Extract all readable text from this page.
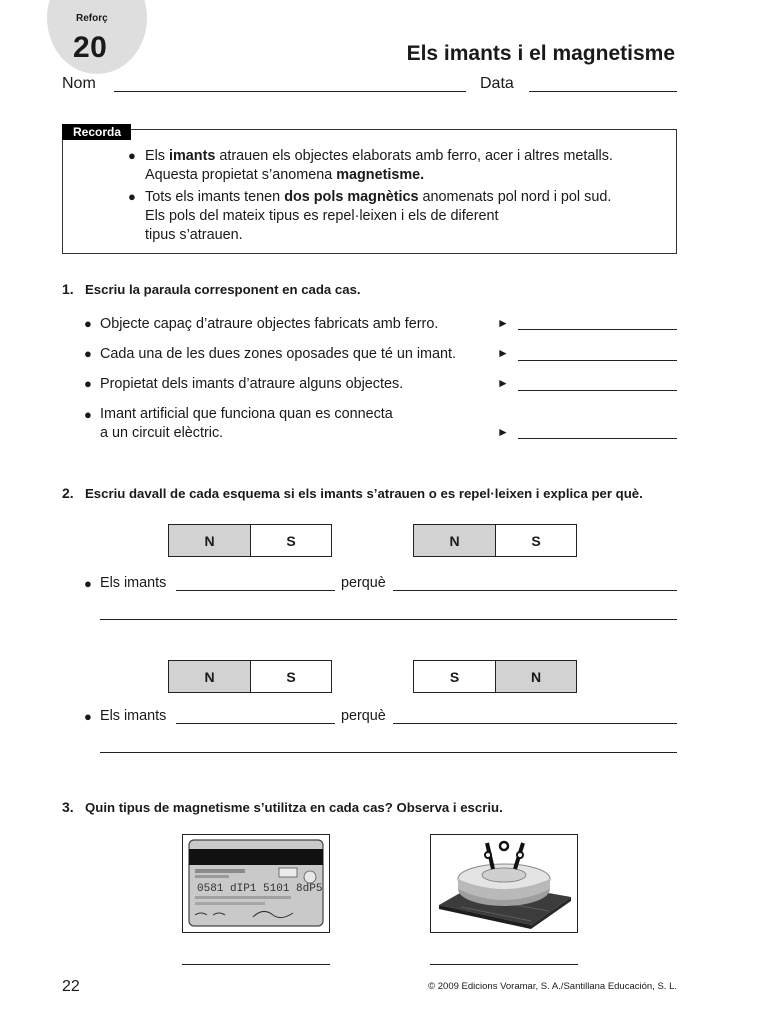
Reforç
20	Els imants i el magnetisme
Nom	Data
Recorda
● Els imants atrauen els objectes elaborats amb ferro, acer i altres metalls.
Aquesta propietat s’anomena magnetisme.
● Tots els imants tenen dos pols magnètics anomenats pol nord i pol sud.
Els pols del mateix tipus es repel·leixen i els de diferent
tipus s’atrauen.
1. Escriu la paraula corresponent en cada cas.
● Objecte capaç d’atraure objectes fabricats amb ferro.	►
● Cada una de les dues zones oposades que té un imant.	►
● Propietat dels imants d’atraure alguns objectes.	►
● Imant artificial que funciona quan es connecta
a un circuit elèctric.	►
2. Escriu davall de cada esquema si els imants s’atrauen o es repel·leixen i explica per què.
N	S	N	S
● Els imants	perquè
N	S	S	N
● Els imants	perquè
3. Quin tipus de magnetisme s’utilitza en cada cas? Observa i escriu.
0581 dIP1 5101 8dP5
22	© 2009 Edicions Voramar, S. A./Santillana Educación, S. L.
